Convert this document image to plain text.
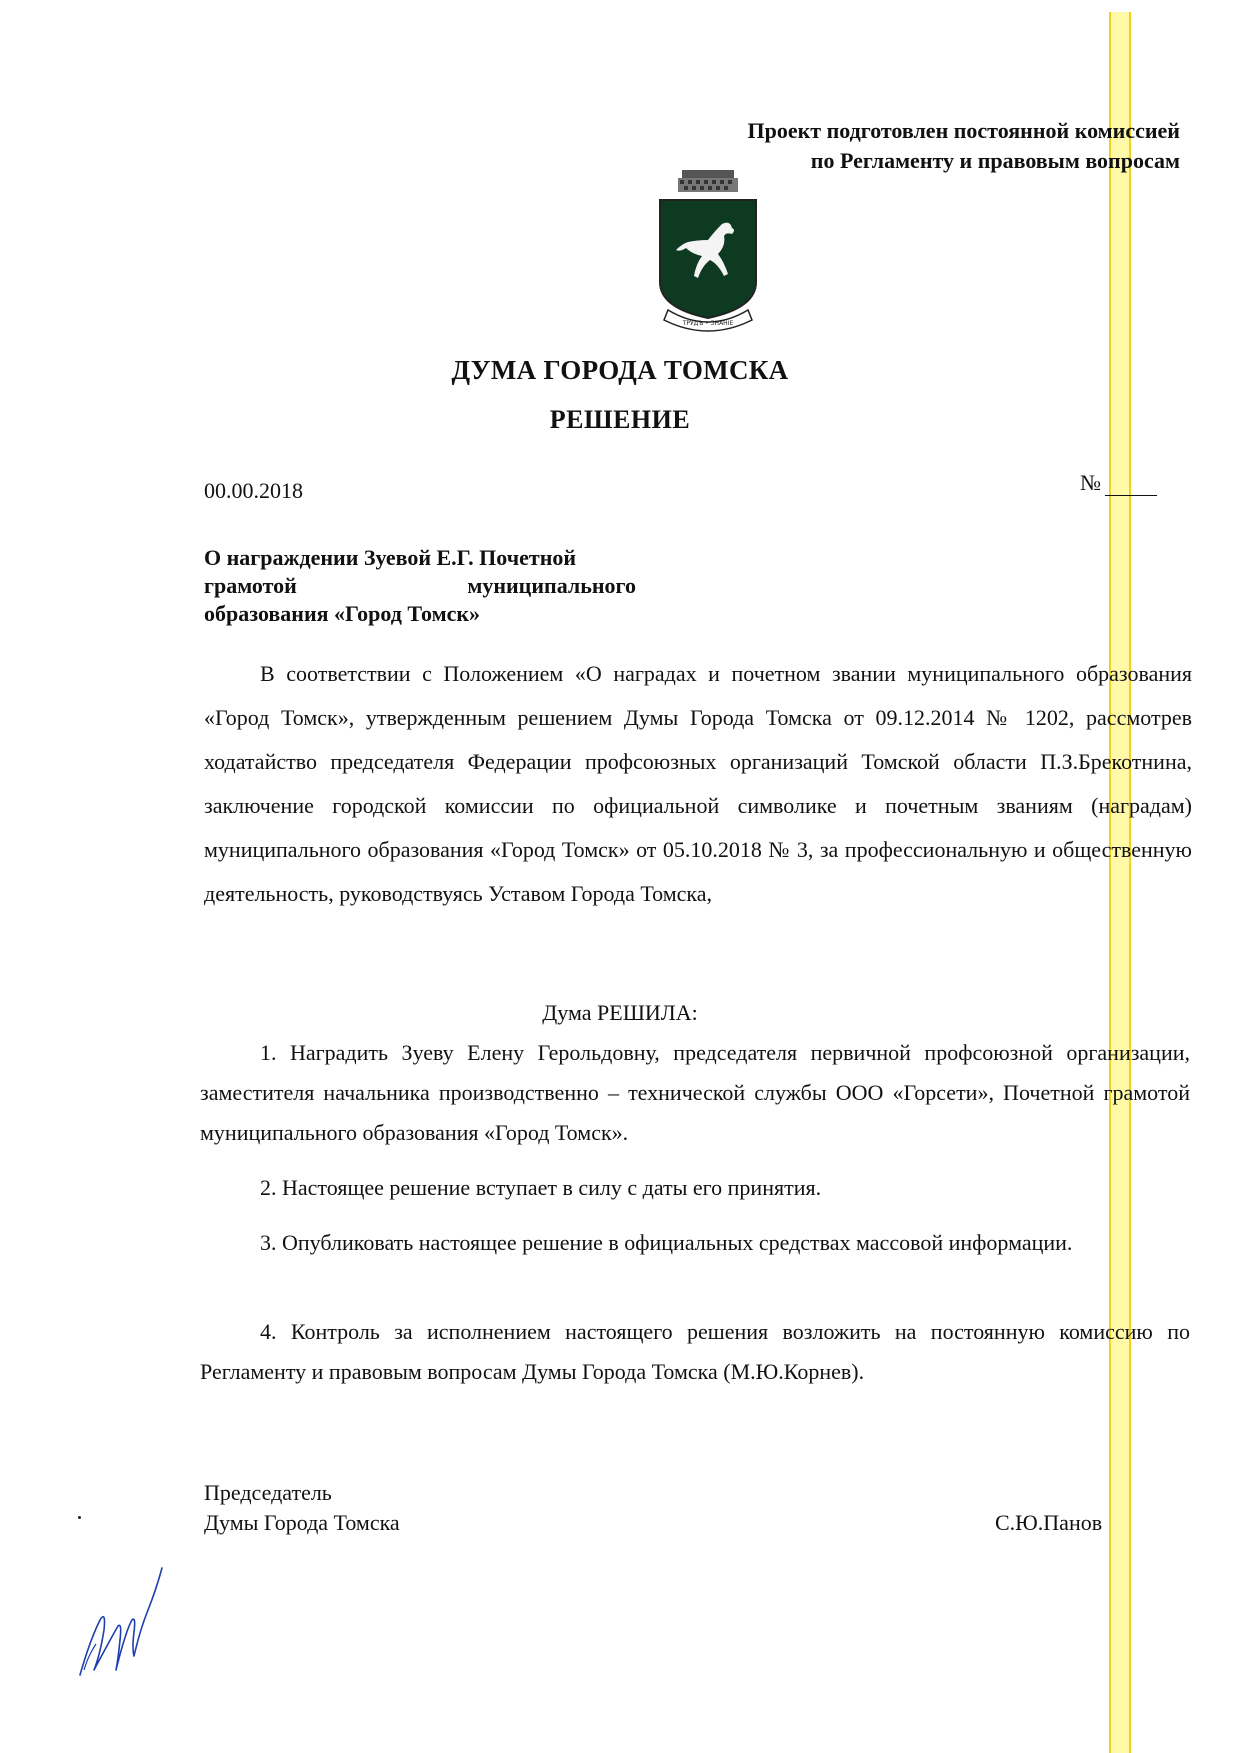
Проект подготовлен постоянной комиссией
по Регламенту и правовым вопросам
ТРУДЪ • ЗНАНІЕ
ДУМА ГОРОДА ТОМСКА
РЕШЕНИЕ
00.00.2018	№
О награждении Зуевой Е.Г. Почетной
грамотой	муниципального
образования «Город Томск»

В соответствии с Положением «О наградах и почетном звании муниципального образования «Город Томск», утвержденным решением Думы Города Томска от 09.12.2014 № 1202, рассмотрев ходатайство председателя Федерации профсоюзных организаций Томской области П.З.Брекотнина, заключение городской комиссии по официальной символике и почетным званиям (наградам) муниципального образования «Город Томск» от 05.10.2018 № 3, за профессиональную и общественную деятельность, руководствуясь Уставом Города Томска,

Дума РЕШИЛА:

1. Наградить Зуеву Елену Герольдовну, председателя первичной профсоюзной организации, заместителя начальника производственно – технической службы ООО «Горсети», Почетной грамотой муниципального образования «Город Томск».

2. Настоящее решение вступает в силу с даты его принятия.

3. Опубликовать настоящее решение в официальных средствах массовой информации.

4. Контроль за исполнением настоящего решения возложить на постоянную комиссию по Регламенту и правовым вопросам Думы Города Томска (М.Ю.Корнев).

Председатель
Думы Города Томска	С.Ю.Панов
